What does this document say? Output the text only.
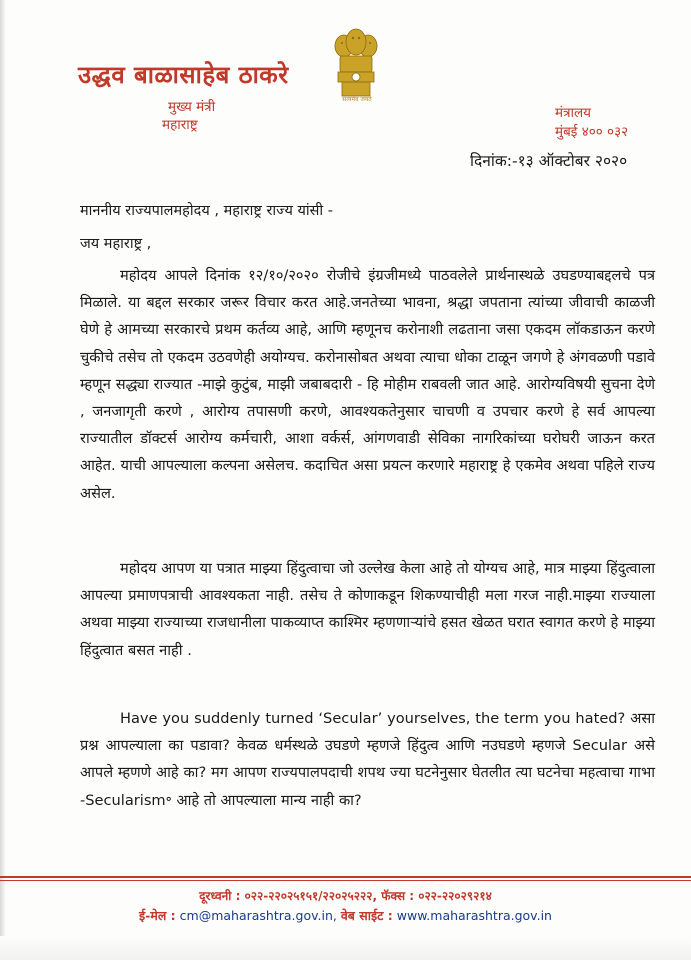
उद्धव बाळासाहेब ठाकरे
मुख्य मंत्री
महाराष्ट्र
सत्यमेव जयते
मंत्रालय
मुंबई ४०० ०३२
दिनांक:-१३ ऑक्टोबर २०२०
माननीय राज्यपालमहोदय , महाराष्ट्र राज्य यांसी -
जय महाराष्ट्र ,

महोदय आपले दिनांक १२/१०/२०२० रोजीचे इंग्रजीमध्ये पाठवलेले प्रार्थनास्थळे उघडण्याबद्दलचे पत्र मिळाले. या बद्दल सरकार जरूर विचार करत आहे.जनतेच्या भावना, श्रद्धा जपताना त्यांच्या जीवाची काळजी घेणे हे आमच्या सरकारचे प्रथम कर्तव्य आहे, आणि म्हणूनच करोनाशी लढताना जसा एकदम लॉकडाऊन करणे चुकीचे तसेच तो एकदम उठवणेही अयोग्यच. करोनासोबत अथवा त्याचा धोका टाळून जगणे हे अंगवळणी पडावे म्हणून सद्ध्या राज्यात -माझे कुटुंब, माझी जबाबदारी - हि मोहीम राबवली जात आहे. आरोग्यविषयी सुचना देणे , जनजागृती करणे , आरोग्य तपासणी करणे, आवश्यकतेनुसार चाचणी व उपचार करणे हे सर्व आपल्या राज्यातील डॉक्टर्स आरोग्य कर्मचारी, आशा वर्कर्स, आंगणवाडी सेविका नागरिकांच्या घरोघरी जाऊन करत आहेत. याची आपल्याला कल्पना असेलच. कदाचित असा प्रयत्न करणारे महाराष्ट्र हे एकमेव अथवा पहिले राज्य असेल.

महोदय आपण या पत्रात माझ्या हिंदुत्वाचा जो उल्लेख केला आहे तो योग्यच आहे, मात्र माझ्या हिंदुत्वाला आपल्या प्रमाणपत्राची आवश्यकता नाही. तसेच ते कोणाकडून शिकण्याचीही मला गरज नाही.माझ्या राज्याला अथवा माझ्या राज्याच्या राजधानीला पाकव्याप्त काश्मिर म्हणणाऱ्यांचे हसत खेळत घरात स्वागत करणे हे माझ्या हिंदुत्वात बसत नाही .

Have you suddenly turned ‘Secular’ yourselves, the term you hated? असा प्रश्न आपल्याला का पडावा? केवळ धर्मस्थळे उघडणे म्हणजे हिंदुत्व आणि नउघडणे म्हणजे Secular असे आपले म्हणणे आहे का? मग आपण राज्यपालपदाची शपथ ज्या घटनेनुसार घेतलीत त्या घटनेचा महत्वाचा गाभा -Secularism॰ आहे तो आपल्याला मान्य नाही का?

दूरध्वनी : ०२२-२२०२५१५१/२२०२५२२२, फॅक्स : ०२२-२२०२९२१४
ई-मेल : cm@maharashtra.gov.in, वेब साईट : www.maharashtra.gov.in
